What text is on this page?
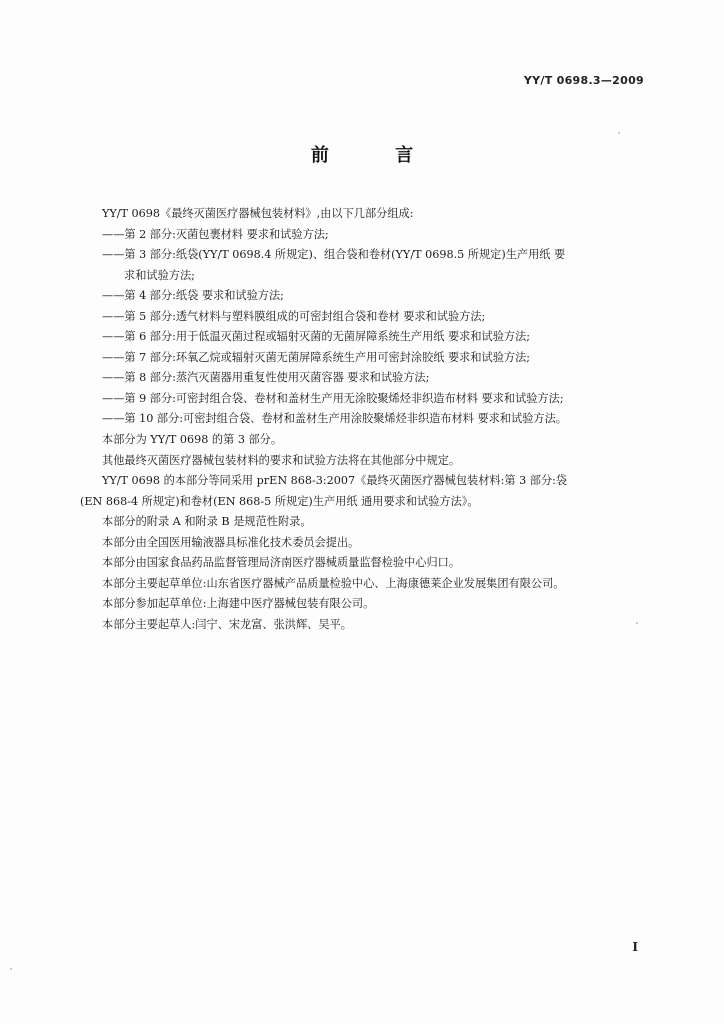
YY/T 0698.3—2009
前 言
YY/T 0698《最终灭菌医疗器械包装材料》,由以下几部分组成:
——第 2 部分:灭菌包裹材料 要求和试验方法;
——第 3 部分:纸袋(YY/T 0698.4 所规定)、组合袋和卷材(YY/T 0698.5 所规定)生产用纸 要
求和试验方法;
——第 4 部分:纸袋 要求和试验方法;
——第 5 部分:透气材料与塑料膜组成的可密封组合袋和卷材 要求和试验方法;
——第 6 部分:用于低温灭菌过程或辐射灭菌的无菌屏障系统生产用纸 要求和试验方法;
——第 7 部分:环氧乙烷或辐射灭菌无菌屏障系统生产用可密封涂胶纸 要求和试验方法;
——第 8 部分:蒸汽灭菌器用重复性使用灭菌容器 要求和试验方法;
——第 9 部分:可密封组合袋、卷材和盖材生产用无涂胶聚烯烃非织造布材料 要求和试验方法;
——第 10 部分:可密封组合袋、卷材和盖材生产用涂胶聚烯烃非织造布材料 要求和试验方法。
本部分为 YY/T 0698 的第 3 部分。
其他最终灭菌医疗器械包装材料的要求和试验方法将在其他部分中规定。
YY/T 0698 的本部分等同采用 prEN 868-3:2007《最终灭菌医疗器械包装材料:第 3 部分:袋
(EN 868-4 所规定)和卷材(EN 868-5 所规定)生产用纸 通用要求和试验方法》。
本部分的附录 A 和附录 B 是规范性附录。
本部分由全国医用输液器具标准化技术委员会提出。
本部分由国家食品药品监督管理局济南医疗器械质量监督检验中心归口。
本部分主要起草单位:山东省医疗器械产品质量检验中心、上海康德莱企业发展集团有限公司。
本部分参加起草单位:上海建中医疗器械包装有限公司。
本部分主要起草人:闫宁、宋龙富、张洪辉、吴平。
I
